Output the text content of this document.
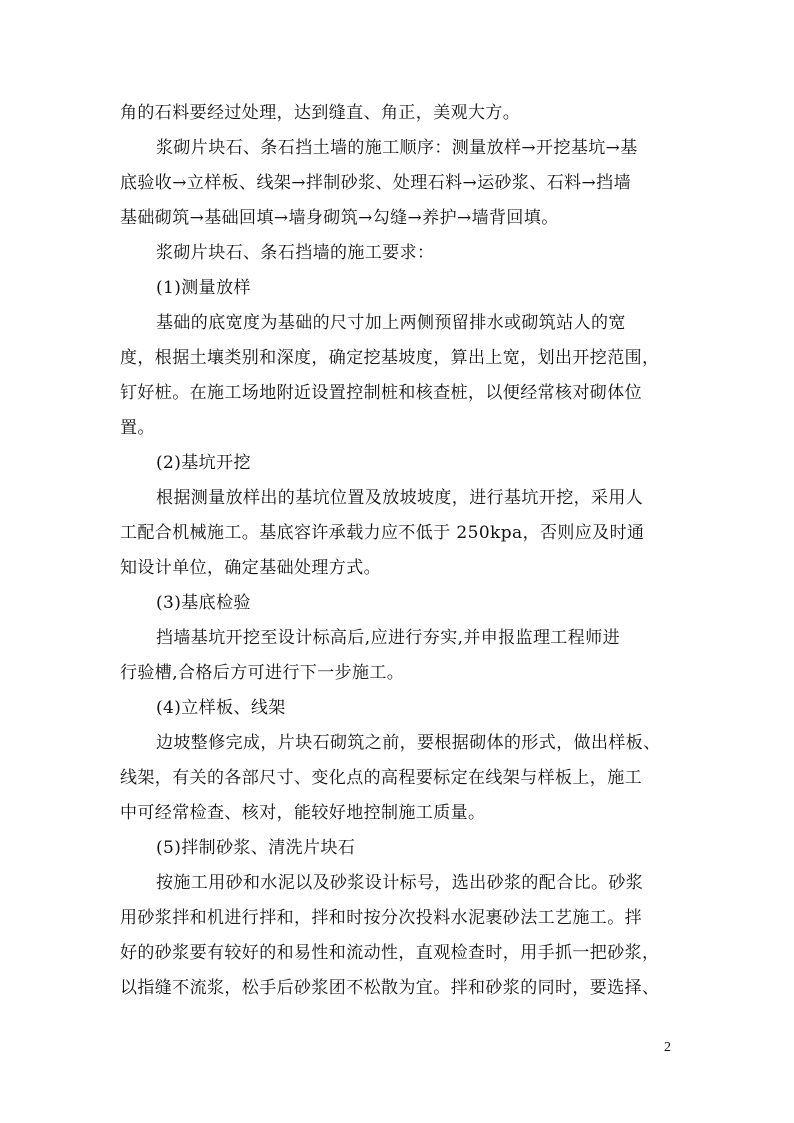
角的石料要经过处理，达到缝直、角正，美观大方。
浆砌片块石、条石挡土墙的施工顺序：测量放样→开挖基坑→基
底验收→立样板、线架→拌制砂浆、处理石料→运砂浆、石料→挡墙
基础砌筑→基础回填→墙身砌筑→勾缝→养护→墙背回填。
浆砌片块石、条石挡墙的施工要求：
(1)测量放样
基础的底宽度为基础的尺寸加上两侧预留排水或砌筑站人的宽
度，根据土壤类别和深度，确定挖基坡度，算出上宽，划出开挖范围，
钉好桩。在施工场地附近设置控制桩和核查桩，以便经常核对砌体位
置。
(2)基坑开挖
根据测量放样出的基坑位置及放坡坡度，进行基坑开挖，采用人
工配合机械施工。基底容许承载力应不低于 250kpa，否则应及时通
知设计单位，确定基础处理方式。
(3)基底检验
挡墙基坑开挖至设计标高后,应进行夯实,并申报监理工程师进
行验槽,合格后方可进行下一步施工。
(4)立样板、线架
边坡整修完成，片块石砌筑之前，要根据砌体的形式，做出样板、
线架，有关的各部尺寸、变化点的高程要标定在线架与样板上，施工
中可经常检查、核对，能较好地控制施工质量。
(5)拌制砂浆、清洗片块石
按施工用砂和水泥以及砂浆设计标号，选出砂浆的配合比。砂浆
用砂浆拌和机进行拌和，拌和时按分次投料水泥裹砂法工艺施工。拌
好的砂浆要有较好的和易性和流动性，直观检查时，用手抓一把砂浆，
以指缝不流浆，松手后砂浆团不松散为宜。拌和砂浆的同时，要选择、
2
